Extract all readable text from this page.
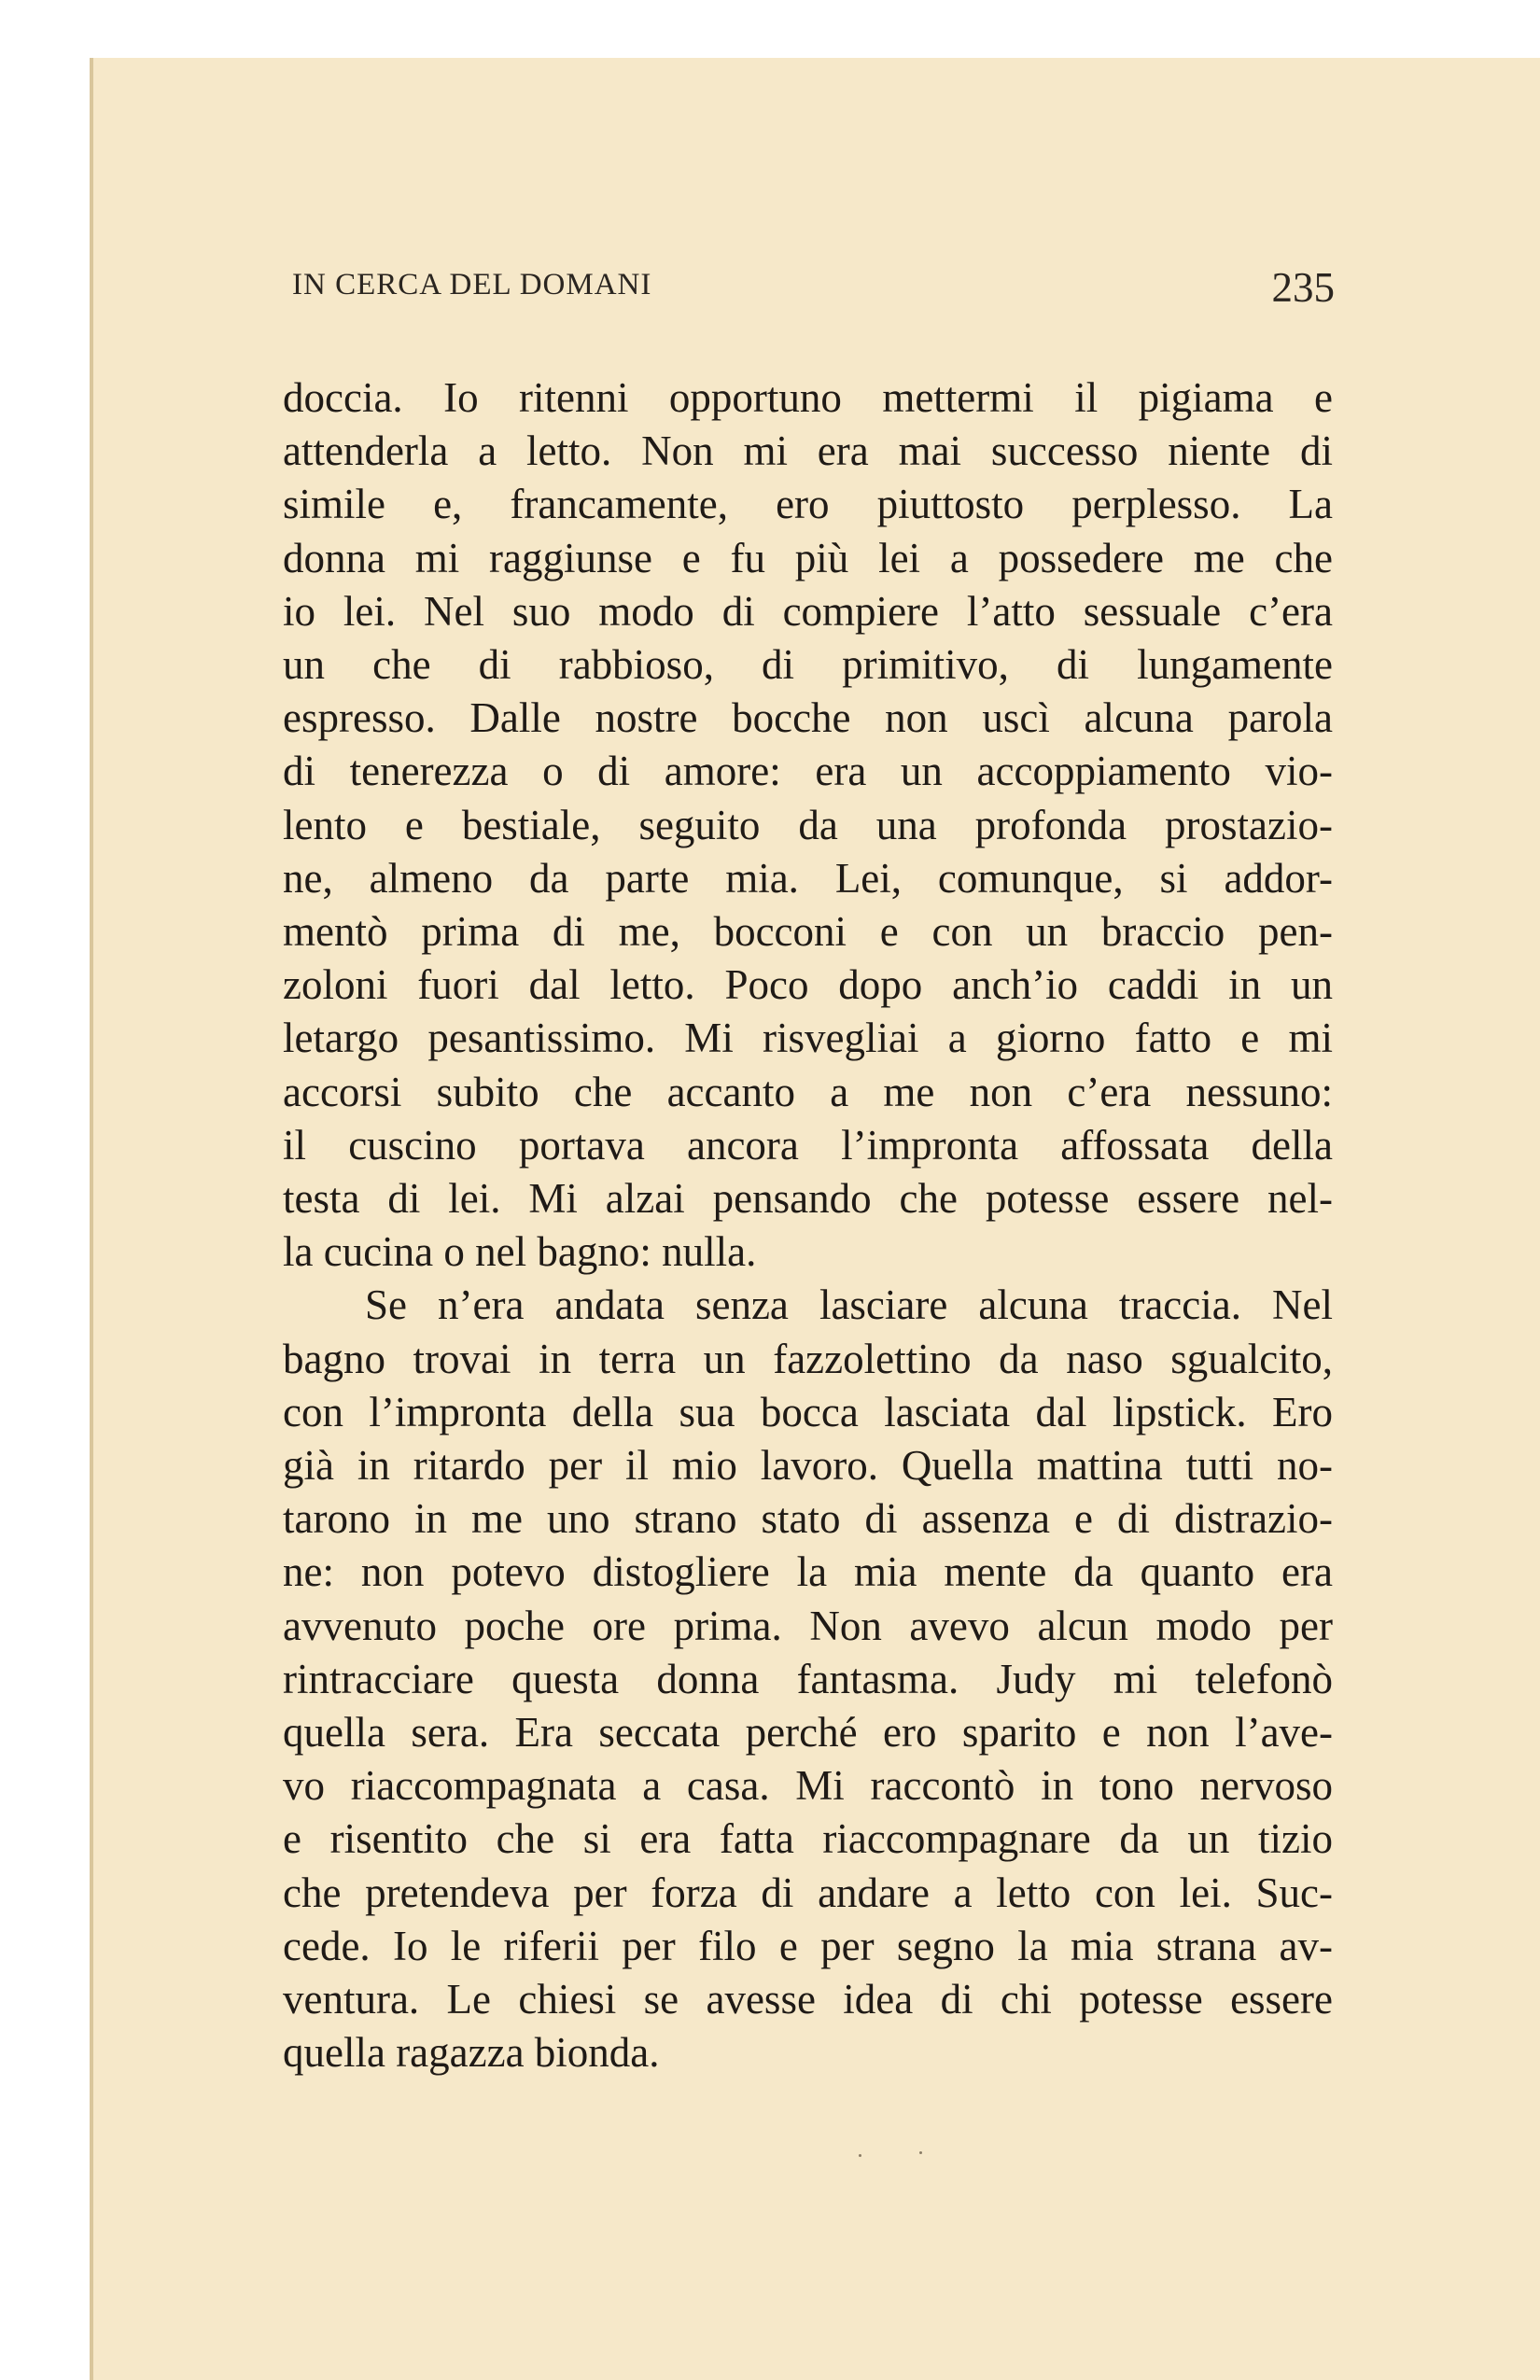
IN CERCA DEL DOMANI	235
doccia. Io ritenni opportuno mettermi il pigiama e
attenderla a letto. Non mi era mai successo niente di
simile e, francamente, ero piuttosto perplesso. La
donna mi raggiunse e fu più lei a possedere me che
io lei. Nel suo modo di compiere l’atto sessuale c’era
un che di rabbioso, di primitivo, di lungamente
espresso. Dalle nostre bocche non uscì alcuna parola
di tenerezza o di amore: era un accoppiamento vio-
lento e bestiale, seguito da una profonda prostazio-
ne, almeno da parte mia. Lei, comunque, si addor-
mentò prima di me, bocconi e con un braccio pen-
zoloni fuori dal letto. Poco dopo anch’io caddi in un
letargo pesantissimo. Mi risvegliai a giorno fatto e mi
accorsi subito che accanto a me non c’era nessuno:
il cuscino portava ancora l’impronta affossata della
testa di lei. Mi alzai pensando che potesse essere nel-
la cucina o nel bagno: nulla.
Se n’era andata senza lasciare alcuna traccia. Nel
bagno trovai in terra un fazzolettino da naso sgualcito,
con l’impronta della sua bocca lasciata dal lipstick. Ero
già in ritardo per il mio lavoro. Quella mattina tutti no-
tarono in me uno strano stato di assenza e di distrazio-
ne: non potevo distogliere la mia mente da quanto era
avvenuto poche ore prima. Non avevo alcun modo per
rintracciare questa donna fantasma. Judy mi telefonò
quella sera. Era seccata perché ero sparito e non l’ave-
vo riaccompagnata a casa. Mi raccontò in tono nervoso
e risentito che si era fatta riaccompagnare da un tizio
che pretendeva per forza di andare a letto con lei. Suc-
cede. Io le riferii per filo e per segno la mia strana av-
ventura. Le chiesi se avesse idea di chi potesse essere
quella ragazza bionda.
